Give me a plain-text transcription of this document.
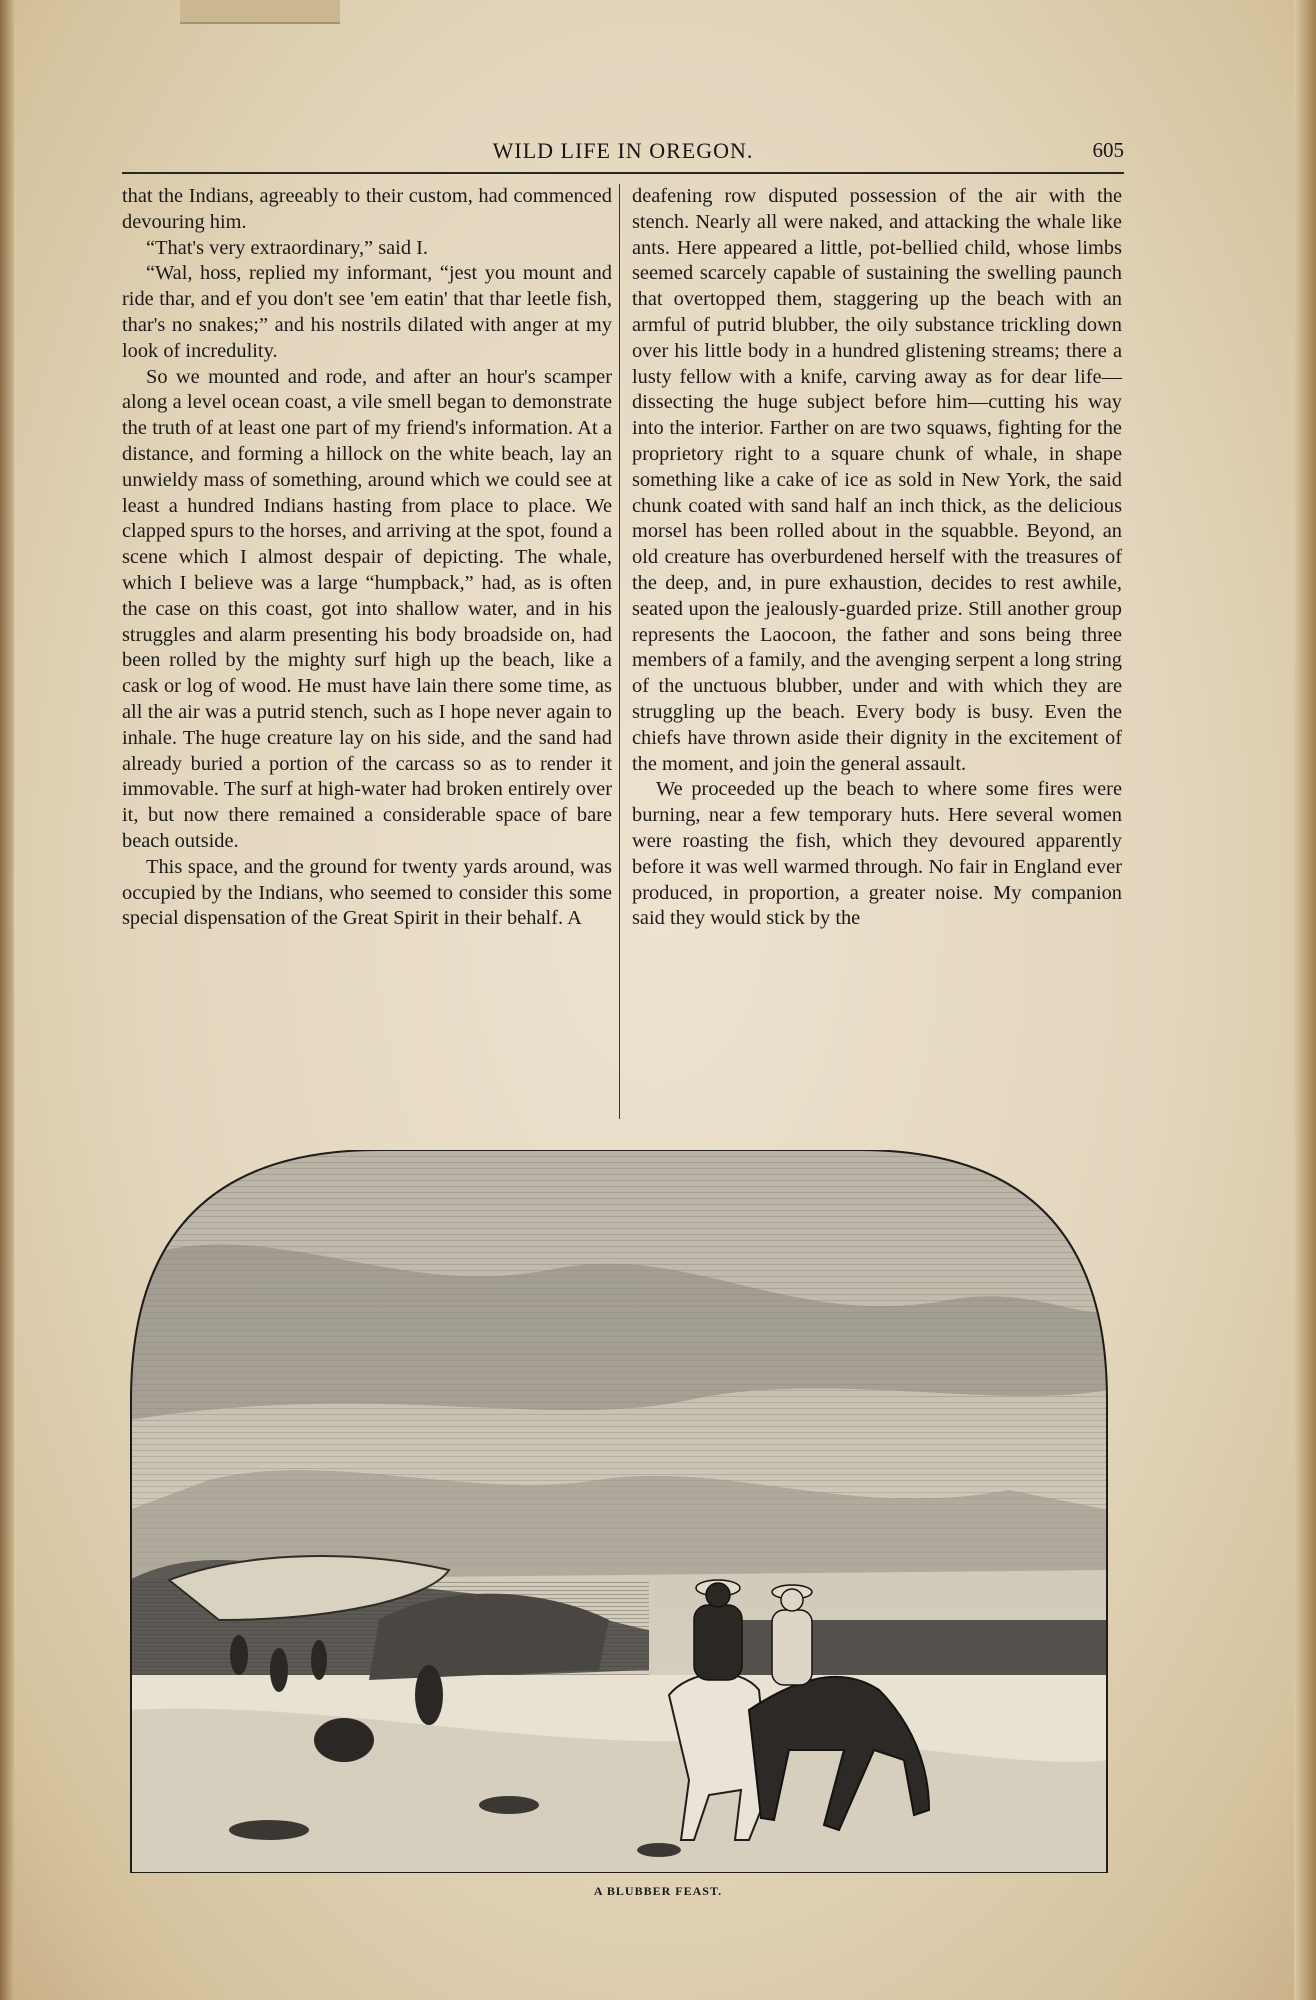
WILD LIFE IN OREGON.	605

that the Indians, agreeably to their custom, had commenced devouring him.

“That's very extraordinary,” said I.

“Wal, hoss, replied my informant, “jest you mount and ride thar, and ef you don't see 'em eatin' that thar leetle fish, thar's no snakes;” and his nostrils dilated with anger at my look of incredulity.

So we mounted and rode, and after an hour's scamper along a level ocean coast, a vile smell began to demonstrate the truth of at least one part of my friend's information. At a distance, and forming a hillock on the white beach, lay an unwieldy mass of something, around which we could see at least a hundred Indians hasting from place to place. We clapped spurs to the horses, and arriving at the spot, found a scene which I almost despair of depicting. The whale, which I believe was a large “humpback,” had, as is often the case on this coast, got into shallow water, and in his struggles and alarm presenting his body broadside on, had been rolled by the mighty surf high up the beach, like a cask or log of wood. He must have lain there some time, as all the air was a putrid stench, such as I hope never again to inhale. The huge creature lay on his side, and the sand had already buried a portion of the carcass so as to render it immovable. The surf at high-water had broken entirely over it, but now there remained a considerable space of bare beach outside.

This space, and the ground for twenty yards around, was occupied by the Indians, who seemed to consider this some special dispensation of the Great Spirit in their behalf. A

deafening row disputed possession of the air with the stench. Nearly all were naked, and attacking the whale like ants. Here appeared a little, pot-bellied child, whose limbs seemed scarcely capable of sustaining the swelling paunch that overtopped them, staggering up the beach with an armful of putrid blubber, the oily substance trickling down over his little body in a hundred glistening streams; there a lusty fellow with a knife, carving away as for dear life—dissecting the huge subject before him—cutting his way into the interior. Farther on are two squaws, fighting for the proprietory right to a square chunk of whale, in shape something like a cake of ice as sold in New York, the said chunk coated with sand half an inch thick, as the delicious morsel has been rolled about in the squabble. Beyond, an old creature has overburdened herself with the treasures of the deep, and, in pure exhaustion, decides to rest awhile, seated upon the jealously-guarded prize. Still another group represents the Laocoon, the father and sons being three members of a family, and the avenging serpent a long string of the unctuous blubber, under and with which they are struggling up the beach. Every body is busy. Even the chiefs have thrown aside their dignity in the excitement of the moment, and join the general assault.

We proceeded up the beach to where some fires were burning, near a few temporary huts. Here several women were roasting the fish, which they devoured apparently before it was well warmed through. No fair in England ever produced, in proportion, a greater noise. My companion said they would stick by the

A BLUBBER FEAST.
